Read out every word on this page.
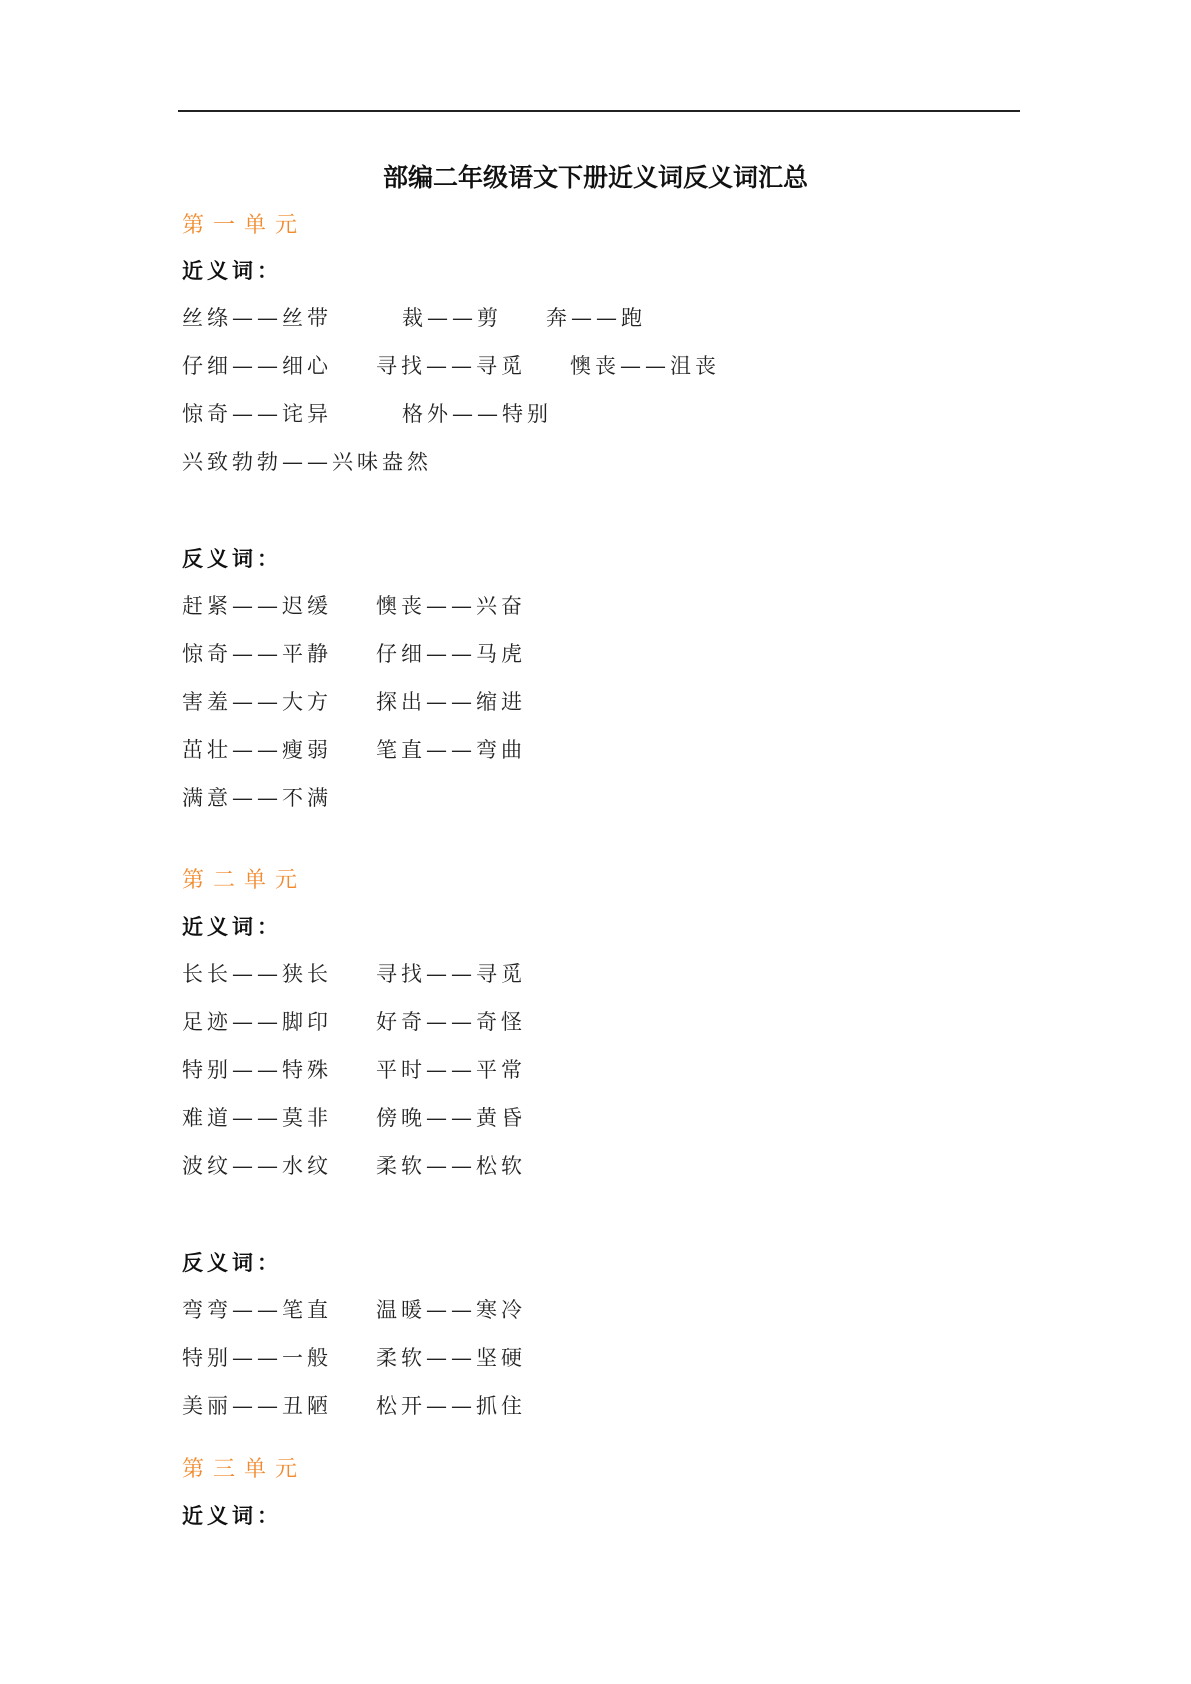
部编二年级语文下册近义词反义词汇总
第一单元
近义词：
丝绦——丝带	裁——剪 奔——跑
仔细——细心 寻找——寻觅 懊丧——沮丧
惊奇——诧异	格外——特别
兴致勃勃——兴味盎然
反义词：
赶紧——迟缓 懊丧——兴奋
惊奇——平静 仔细——马虎
害羞——大方 探出——缩进
茁壮——瘦弱 笔直——弯曲
满意——不满
第二单元
近义词：
长长——狭长 寻找——寻觅
足迹——脚印 好奇——奇怪
特别——特殊 平时——平常
难道——莫非 傍晚——黄昏
波纹——水纹 柔软——松软
反义词：
弯弯——笔直 温暖——寒冷
特别——一般 柔软——坚硬
美丽——丑陋 松开——抓住
第三单元
近义词：
